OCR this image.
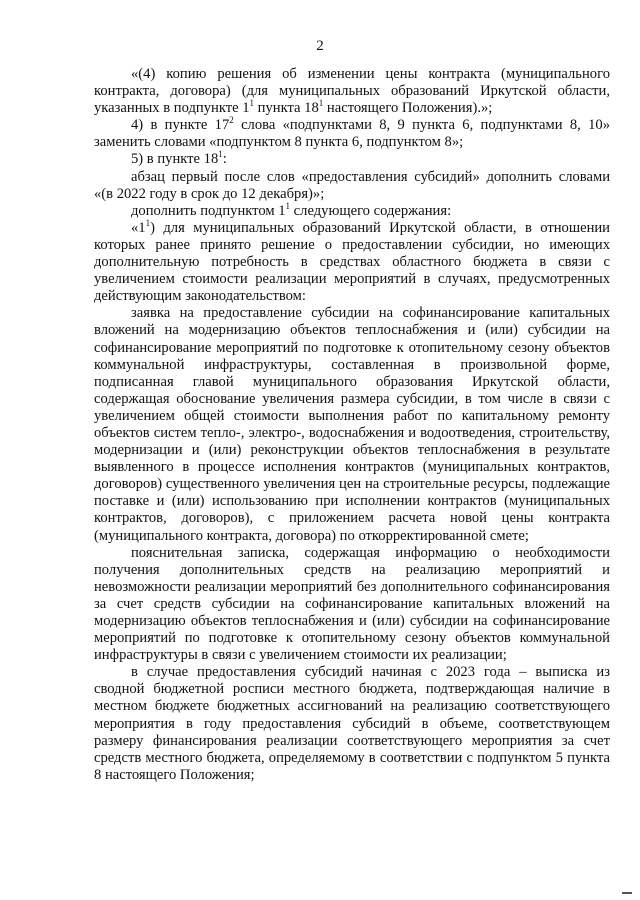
2

«(4) копию решения об изменении цены контракта (муниципального контракта, договора) (для муниципальных образований Иркутской области, указанных в подпункте $1^1$ пункта $18^1$ настоящего Положения).»;

4) в пункте $17^2$ слова «подпунктами 8, 9 пункта 6, подпунктами 8, 10» заменить словами «подпунктом 8 пункта 6, подпунктом 8»;

5) в пункте $18^1$:

абзац первый после слов «предоставления субсидий» дополнить словами «(в 2022 году в срок до 12 декабря)»;

дополнить подпунктом $1^1$ следующего содержания:

«$1^1$) для муниципальных образований Иркутской области, в отношении которых ранее принято решение о предоставлении субсидии, но имеющих дополнительную потребность в средствах областного бюджета в связи с увеличением стоимости реализации мероприятий в случаях, предусмотренных действующим законодательством:

заявка на предоставление субсидии на софинансирование капитальных вложений на модернизацию объектов теплоснабжения и (или) субсидии на софинансирование мероприятий по подготовке к отопительному сезону объектов коммунальной инфраструктуры, составленная в произвольной форме, подписанная главой муниципального образования Иркутской области, содержащая обоснование увеличения размера субсидии, в том числе в связи с увеличением общей стоимости выполнения работ по капитальному ремонту объектов систем тепло-, электро-, водоснабжения и водоотведения, строительству, модернизации и (или) реконструкции объектов теплоснабжения в результате выявленного в процессе исполнения контрактов (муниципальных контрактов, договоров) существенного увеличения цен на строительные ресурсы, подлежащие поставке и (или) использованию при исполнении контрактов (муниципальных контрактов, договоров), с приложением расчета новой цены контракта (муниципального контракта, договора) по откорректированной смете;

пояснительная записка, содержащая информацию о необходимости получения дополнительных средств на реализацию мероприятий и невозможности реализации мероприятий без дополнительного софинансирования за счет средств субсидии на софинансирование капитальных вложений на модернизацию объектов теплоснабжения и (или) субсидии на софинансирование мероприятий по подготовке к отопительному сезону объектов коммунальной инфраструктуры в связи с увеличением стоимости их реализации;

в случае предоставления субсидий начиная с 2023 года – выписка из сводной бюджетной росписи местного бюджета, подтверждающая наличие в местном бюджете бюджетных ассигнований на реализацию соответствующего мероприятия в году предоставления субсидий в объеме, соответствующем размеру финансирования реализации соответствующего мероприятия за счет средств местного бюджета, определяемому в соответствии с подпунктом 5 пункта 8 настоящего Положения;
